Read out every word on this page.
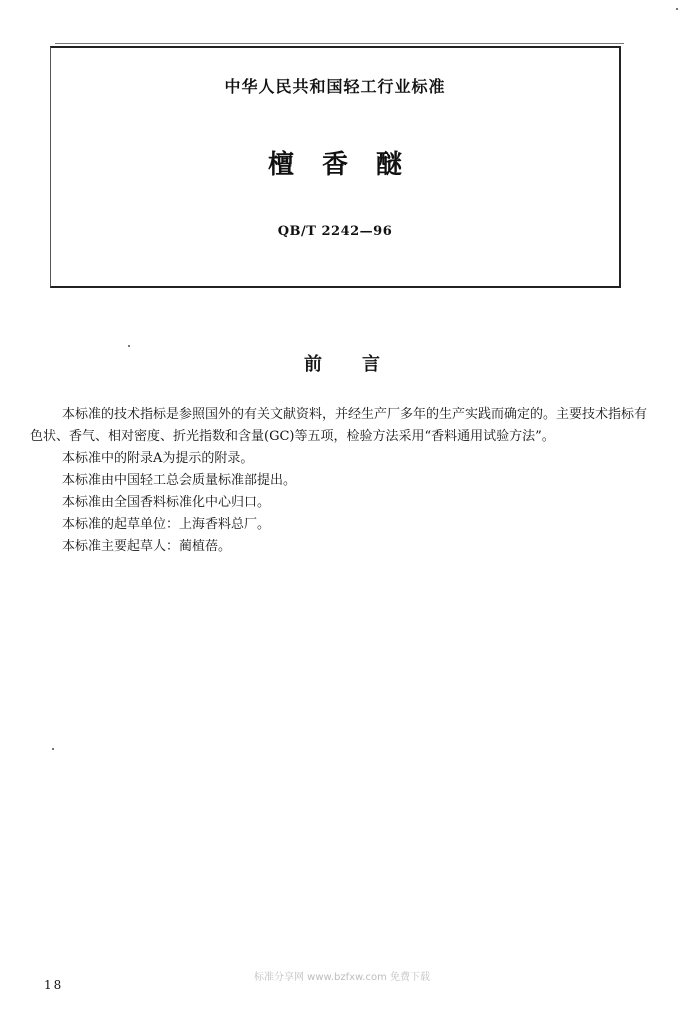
中华人民共和国轻工行业标准
檀香醚
QB/T 2242—96
前言

本标准的技术指标是参照国外的有关文献资料，并经生产厂多年的生产实践而确定的。主要技术指标有色状、香气、相对密度、折光指数和含量(GC)等五项，检验方法采用“香料通用试验方法”。

本标准中的附录A为提示的附录。

本标准由中国轻工总会质量标准部提出。

本标准由全国香料标准化中心归口。

本标准的起草单位：上海香料总厂。

本标准主要起草人：蔺植蓓。

标准分享网 www.bzfxw.com 免费下载
18
